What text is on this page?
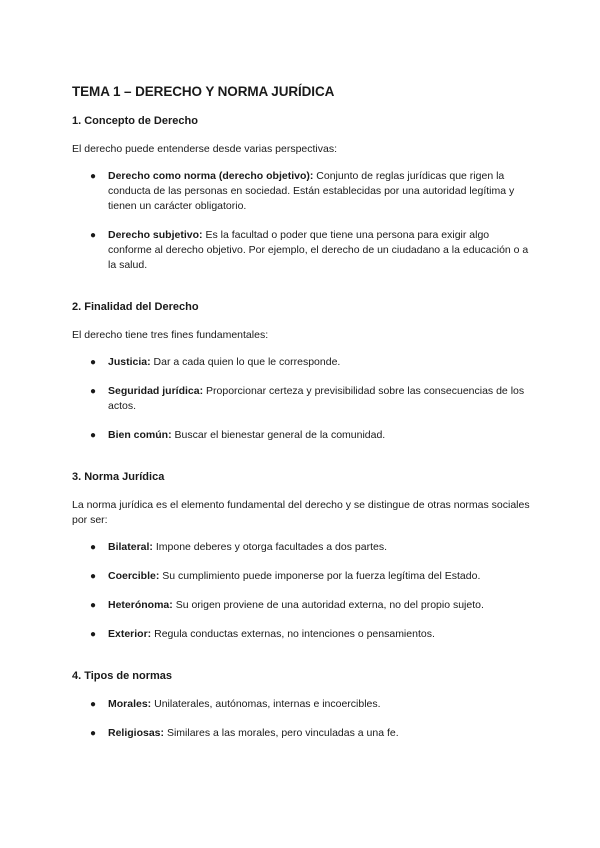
TEMA 1 – DERECHO Y NORMA JURÍDICA
1. Concepto de Derecho

El derecho puede entenderse desde varias perspectivas:

● Derecho como norma (derecho objetivo): Conjunto de reglas jurídicas que rigen la conducta de las personas en sociedad. Están establecidas por una autoridad legítima y tienen un carácter obligatorio.
● Derecho subjetivo: Es la facultad o poder que tiene una persona para exigir algo conforme al derecho objetivo. Por ejemplo, el derecho de un ciudadano a la educación o a la salud.
2. Finalidad del Derecho

El derecho tiene tres fines fundamentales:

● Justicia: Dar a cada quien lo que le corresponde.
● Seguridad jurídica: Proporcionar certeza y previsibilidad sobre las consecuencias de los actos.
● Bien común: Buscar el bienestar general de la comunidad.
3. Norma Jurídica

La norma jurídica es el elemento fundamental del derecho y se distingue de otras normas sociales por ser:

● Bilateral: Impone deberes y otorga facultades a dos partes.
● Coercible: Su cumplimiento puede imponerse por la fuerza legítima del Estado.
● Heterónoma: Su origen proviene de una autoridad externa, no del propio sujeto.
● Exterior: Regula conductas externas, no intenciones o pensamientos.
4. Tipos de normas
● Morales: Unilaterales, autónomas, internas e incoercibles.
● Religiosas: Similares a las morales, pero vinculadas a una fe.
